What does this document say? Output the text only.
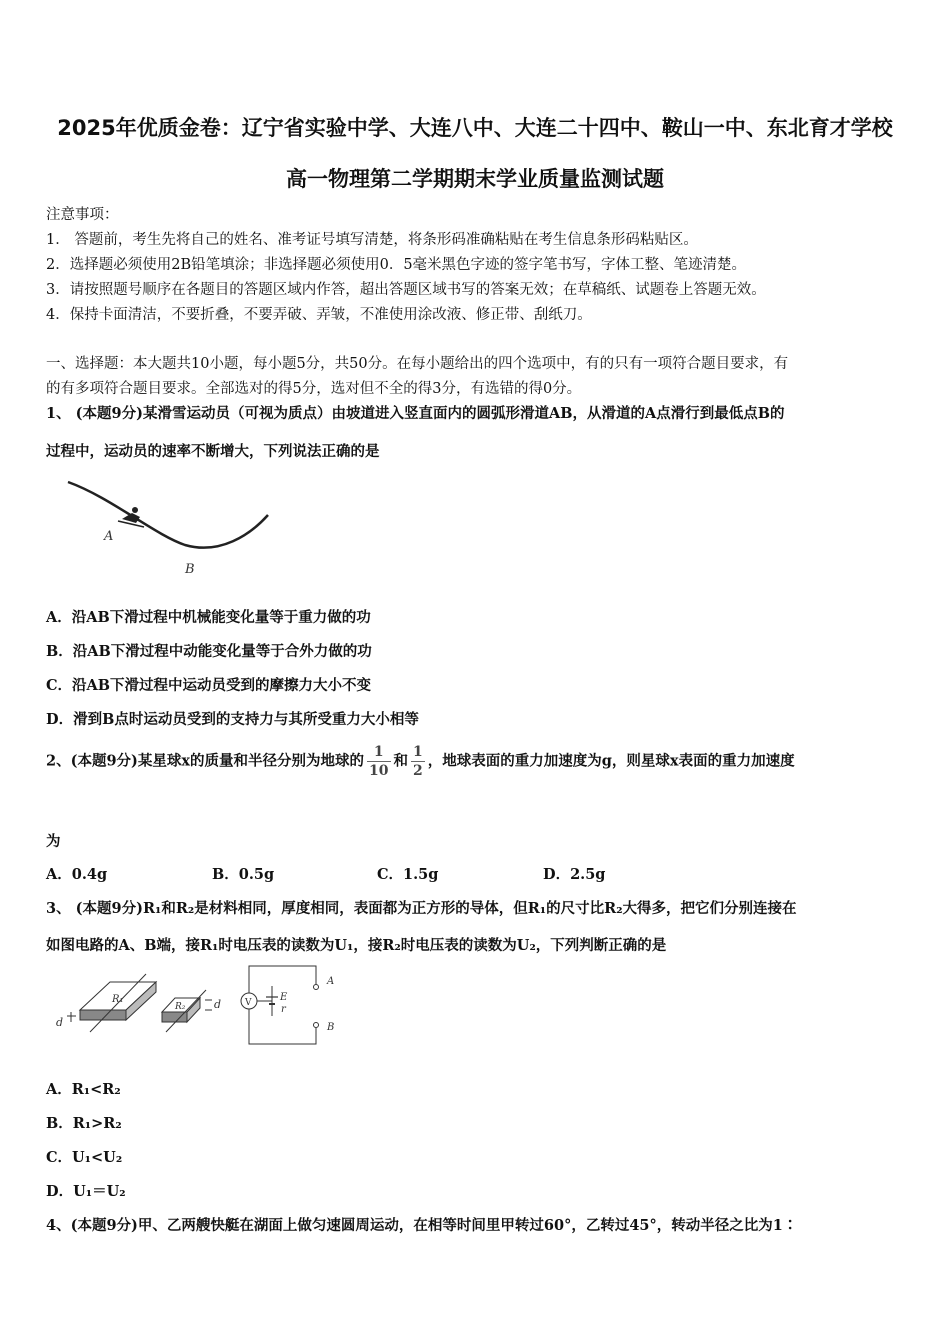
2025年优质金卷：辽宁省实验中学、大连八中、大连二十四中、鞍山一中、东北育才学校
高一物理第二学期期末学业质量监测试题
注意事项：
1． 答题前，考生先将自己的姓名、准考证号填写清楚，将条形码准确粘贴在考生信息条形码粘贴区。
2．选择题必须使用2B铅笔填涂；非选择题必须使用0．5毫米黑色字迹的签字笔书写，字体工整、笔迹清楚。
3．请按照题号顺序在各题目的答题区域内作答，超出答题区域书写的答案无效；在草稿纸、试题卷上答题无效。
4．保持卡面清洁，不要折叠，不要弄破、弄皱，不准使用涂改液、修正带、刮纸刀。
一、选择题：本大题共10小题，每小题5分，共50分。在每小题给出的四个选项中，有的只有一项符合题目要求，有
的有多项符合题目要求。全部选对的得5分，选对但不全的得3分，有选错的得0分。
1、 (本题9分)某滑雪运动员（可视为质点）由坡道进入竖直面内的圆弧形滑道AB，从滑道的A点滑行到最低点B的
过程中，运动员的速率不断增大，下列说法正确的是
A
B
A．沿AB下滑过程中机械能变化量等于重力做的功
B．沿AB下滑过程中动能变化量等于合外力做的功
C．沿AB下滑过程中运动员受到的摩擦力大小不变
D．滑到B点时运动员受到的支持力与其所受重力大小相等
2、(本题9分)某星球x的质量和半径分别为地球的 $\frac{1}{10}$ 和 $\frac{1}{2}$ ，地球表面的重力加速度为g，则星球x表面的重力加速度
为
A．0.4g	B．0.5g	C．1.5g	D．2.5g
3、 (本题9分)R₁和R₂是材料相同，厚度相同，表面都为正方形的导体，但R₁的尺寸比R₂大得多，把它们分别连接在
如图电路的A、B端，接R₁时电压表的读数为U₁，接R₂时电压表的读数为U₂，下列判断正确的是
R₁
d
R₂	d	V	E
r
A
B
A．R₁<R₂
B．R₁>R₂
C．U₁<U₂
D．U₁＝U₂
4、(本题9分)甲、乙两艘快艇在湖面上做匀速圆周运动，在相等时间里甲转过60°，乙转过45°，转动半径之比为1∶
